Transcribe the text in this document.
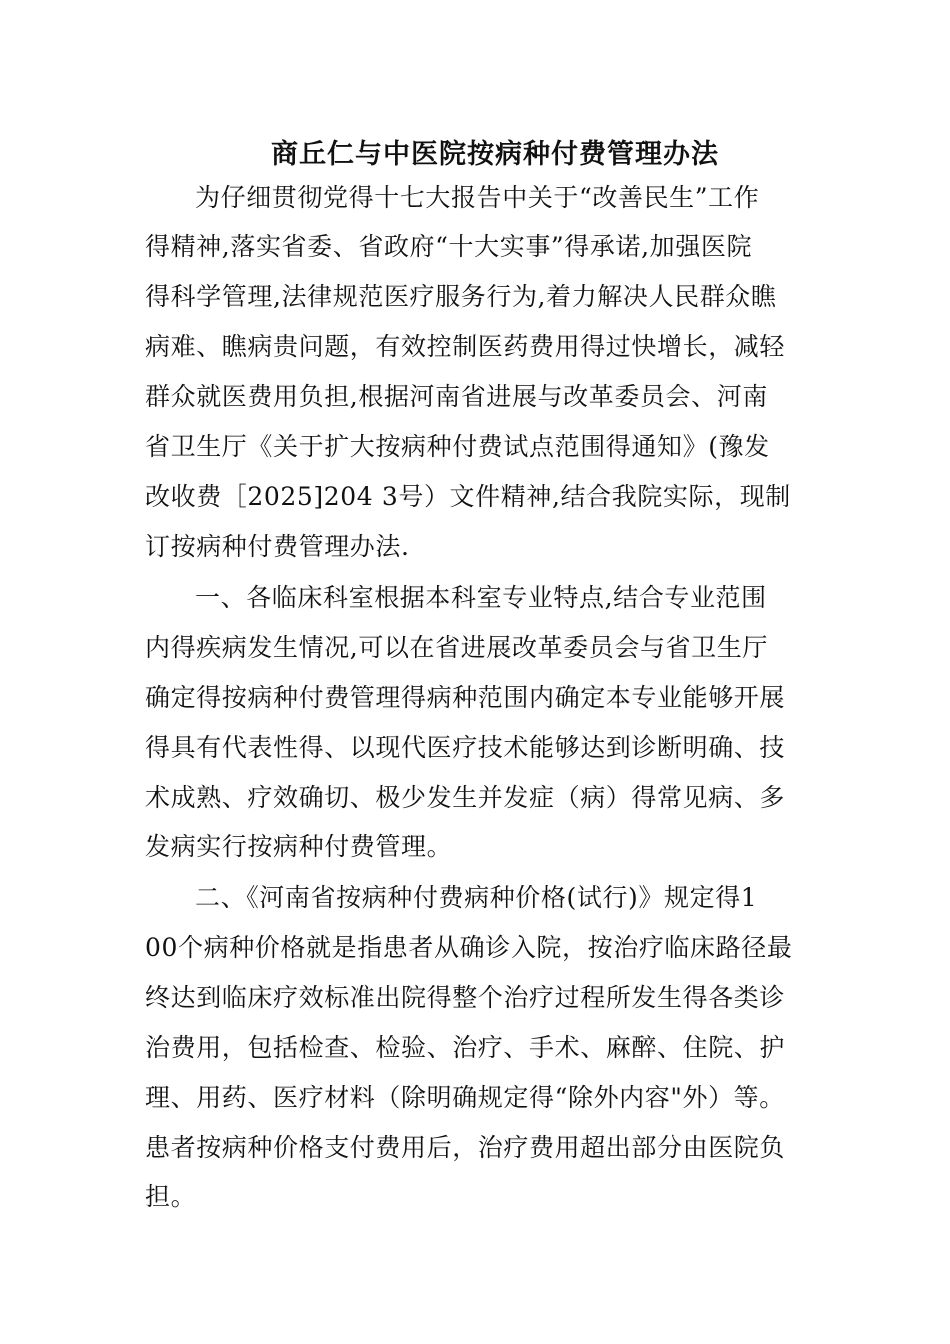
商丘仁与中医院按病种付费管理办法

为仔细贯彻党得十七大报告中关于“改善民生”工作

得精神,落实省委、省政府“十大实事”得承诺,加强医院

得科学管理,法律规范医疗服务行为,着力解决人民群众瞧

病难、瞧病贵问题，有效控制医药费用得过快增长，减轻

群众就医费用负担,根据河南省进展与改革委员会、河南

省卫生厅《关于扩大按病种付费试点范围得通知》(豫发

改收费［2025]204 3号）文件精神,结合我院实际，现制

订按病种付费管理办法.

一、各临床科室根据本科室专业特点,结合专业范围

内得疾病发生情况,可以在省进展改革委员会与省卫生厅

确定得按病种付费管理得病种范围内确定本专业能够开展

得具有代表性得、以现代医疗技术能够达到诊断明确、技

术成熟、疗效确切、极少发生并发症（病）得常见病、多

发病实行按病种付费管理。

二、《河南省按病种付费病种价格(试行)》规定得1

00个病种价格就是指患者从确诊入院，按治疗临床路径最

终达到临床疗效标准出院得整个治疗过程所发生得各类诊

治费用，包括检查、检验、治疗、手术、麻醉、住院、护

理、用药、医疗材料（除明确规定得“除外内容"外）等。

患者按病种价格支付费用后，治疗费用超出部分由医院负

担。
